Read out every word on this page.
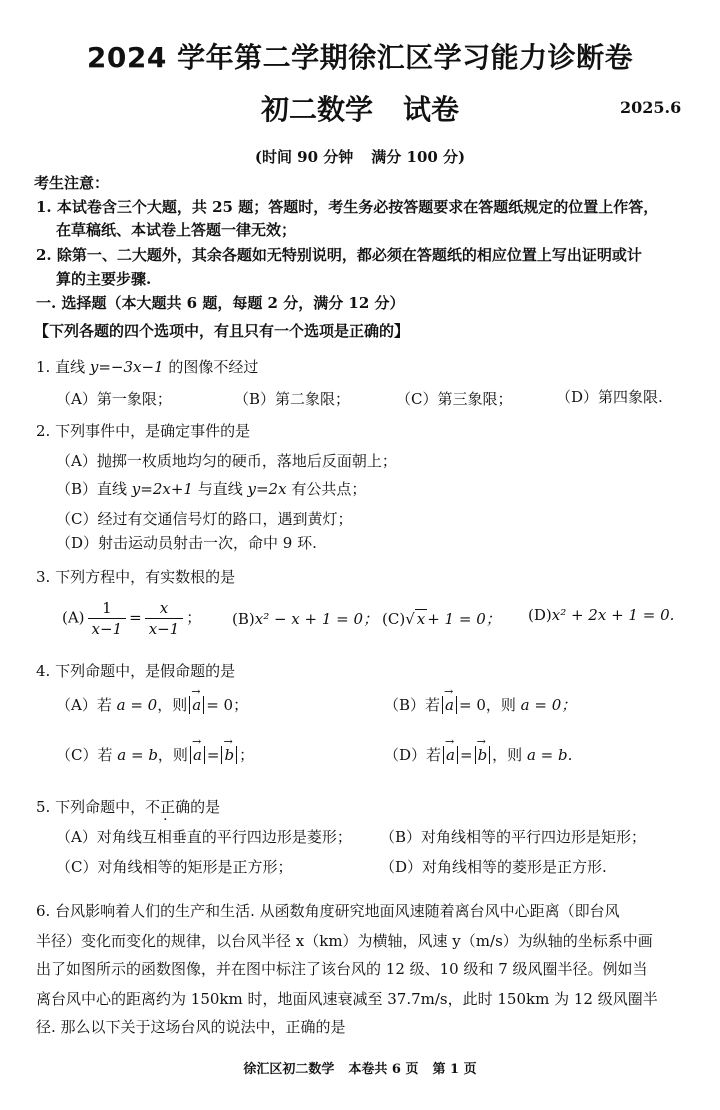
2024 学年第二学期徐汇区学习能力诊断卷
初二数学 试卷	2025.6
(时间 90 分钟 满分 100 分)
考生注意：
1. 本试卷含三个大题，共 25 题；答题时，考生务必按答题要求在答题纸规定的位置上作答，
在草稿纸、本试卷上答题一律无效；
2. 除第一、二大题外，其余各题如无特别说明，都必须在答题纸的相应位置上写出证明或计
算的主要步骤.
一. 选择题（本大题共 6 题，每题 2 分，满分 12 分）
【下列各题的四个选项中，有且只有一个选项是正确的】
1. 直线 y=−3x−1 的图像不经过
（A）第一象限；	（B）第二象限；	（C）第三象限；	（D）第四象限.
2. 下列事件中，是确定事件的是
（A）抛掷一枚质地均匀的硬币，落地后反面朝上；
（B）直线 y=2x+1 与直线 y=2x 有公共点；
（C）经过有交通信号灯的路口，遇到黄灯；
（D）射击运动员射击一次，命中 9 环.
3. 下列方程中，有实数根的是
$(A) \frac{1}{x-1} = \frac{x}{x-1}$ ； (B)x² − x + 1 = 0； (C)√ x + 1 = 0； (D)x² + 2x + 1 = 0.
4. 下列命题中，是假命题的是
（A）若 a = 0，则 → a = 0；	（B）若 → a = 0，则 a = 0；
（C）若 a = b，则 → a = → b ；	（D）若 → a = → b ，则 a = b.
5. 下列命题中，不正确的是
（A）对角线互相垂直的平行四边形是菱形； （B）对角线相等的平行四边形是矩形；
（C）对角线相等的矩形是正方形；	（D）对角线相等的菱形是正方形.
6. 台风影响着人们的生产和生活. 从函数角度研究地面风速随着离台风中心距离（即台风
半径）变化而变化的规律，以台风半径 x（km）为横轴，风速 y（m/s）为纵轴的坐标系中画
出了如图所示的函数图像，并在图中标注了该台风的 12 级、10 级和 7 级风圈半径。例如当
离台风中心的距离约为 150km 时，地面风速衰减至 37.7m/s，此时 150km 为 12 级风圈半
径. 那么以下关于这场台风的说法中，正确的是
徐汇区初二数学 本卷共 6 页 第 1 页
